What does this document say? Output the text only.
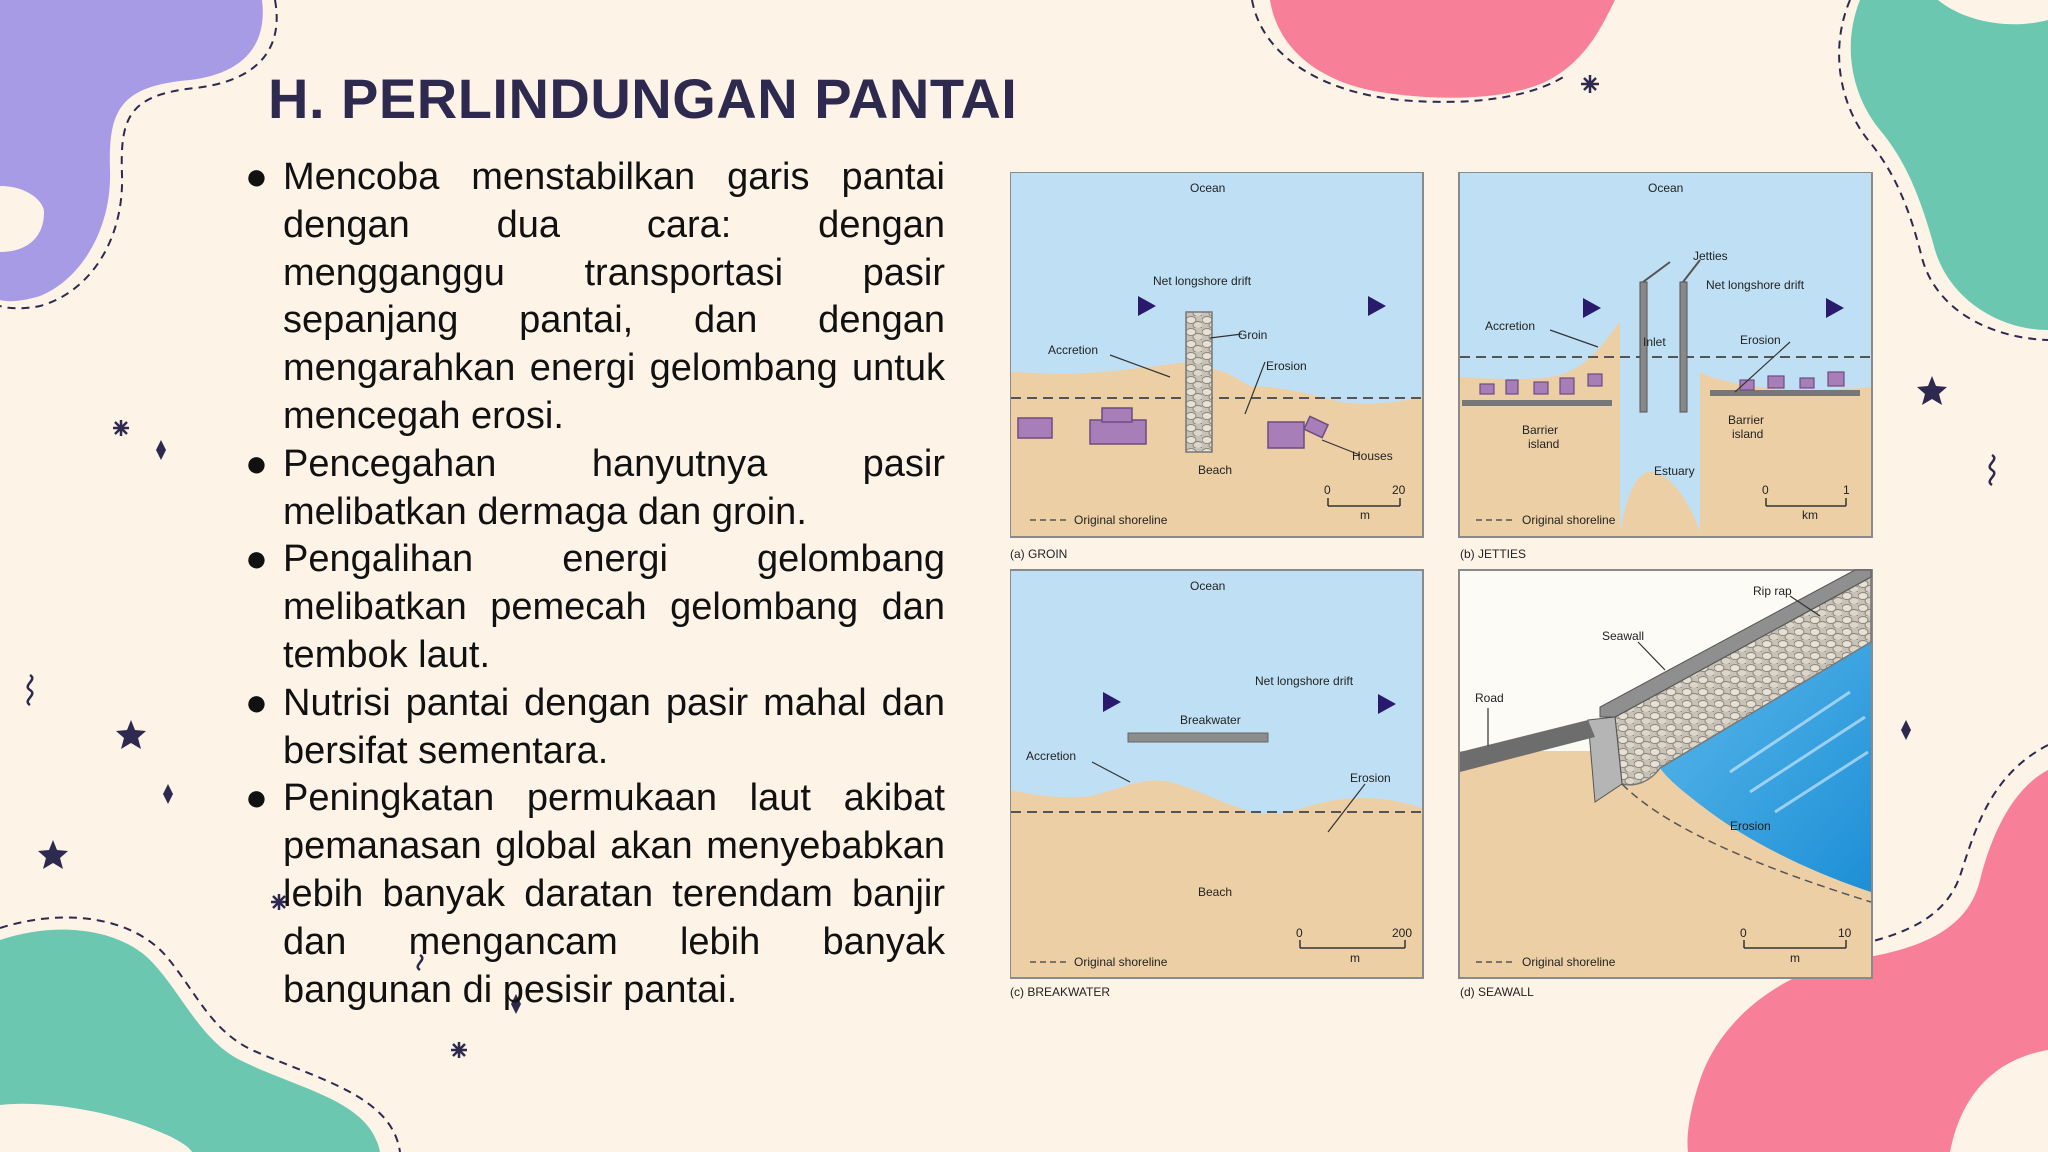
H. PERLINDUNGAN PANTAI
● Mencoba menstabilkan garis pantai dengan dua cara: dengan mengganggu transportasi pasir sepanjang pantai, dan dengan mengarahkan energi gelombang untuk mencegah erosi.
● Pencegahan hanyutnya pasir melibatkan dermaga dan groin.
● Pengalihan energi gelombang melibatkan pemecah gelombang dan tembok laut.
● Nutrisi pantai dengan pasir mahal dan bersifat sementara.
● Peningkatan permukaan laut akibat pemanasan global akan menyebabkan lebih banyak daratan terendam banjir dan mengancam lebih banyak bangunan di pesisir pantai.
Ocean
Net longshore drift
Groin
Accretion
Erosion
Beach
Houses
Original shoreline
0	20
m
(a) GROIN
Ocean
Jetties
Net longshore drift
Accretion
Inlet	Erosion
Barrier
island
Barrier
island
Estuary
Original shoreline
0	1
km
(b) JETTIES
Ocean
Net longshore drift
Breakwater
Accretion
Erosion
Beach
Original shoreline
0	200
m
(c) BREAKWATER
Rip rap
Seawall
Road
Erosion
Original shoreline
0	10
m
(d) SEAWALL
